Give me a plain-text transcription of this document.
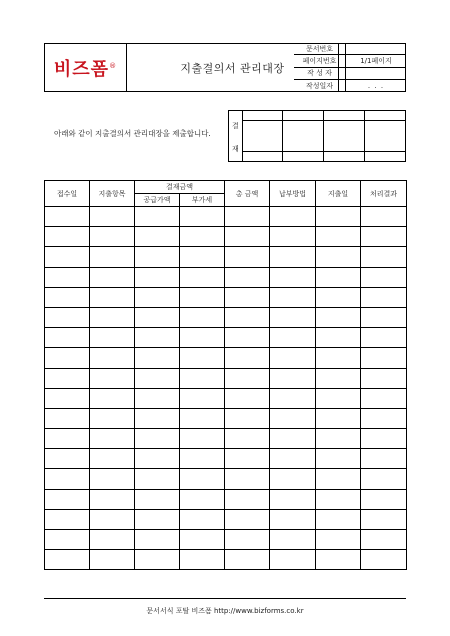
비즈폼®	지출결의서 관리대장
문서번호
페이지번호	1/1페이지
작 성 자
작성일자	. . .
아래와 같이 지출결의서 관리대장을 제출합니다.
결
재
접수일	지출항목	결재금액		총 금액	납부방법	지출일	처리결과
		공급가액	부가세				

문서서식 포탈 비즈폼 http://www.bizforms.co.kr
